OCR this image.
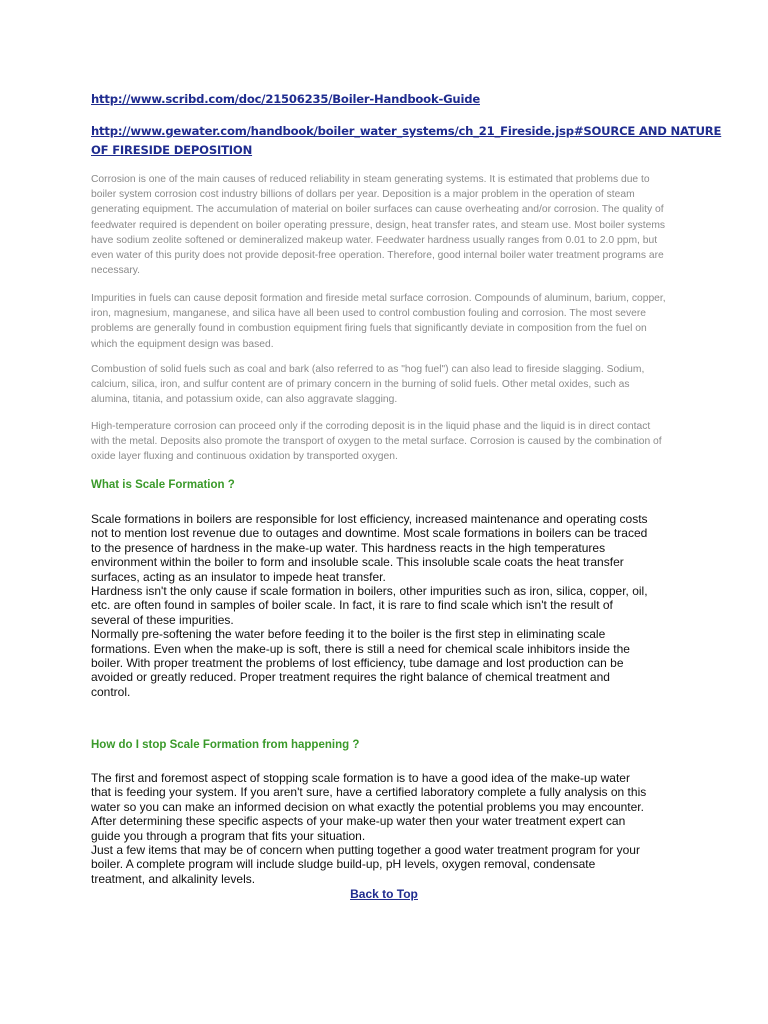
http://www.scribd.com/doc/21506235/Boiler-Handbook-Guide
http://www.gewater.com/handbook/boiler_water_systems/ch_21_Fireside.jsp#SOURCE AND NATURE
OF FIRESIDE DEPOSITION

Corrosion is one of the main causes of reduced reliability in steam generating systems. It is estimated that problems due to boiler system corrosion cost industry billions of dollars per year. Deposition is a major problem in the operation of steam generating equipment. The accumulation of material on boiler surfaces can cause overheating and/or corrosion. The quality of feedwater required is dependent on boiler operating pressure, design, heat transfer rates, and steam use. Most boiler systems have sodium zeolite softened or demineralized makeup water. Feedwater hardness usually ranges from 0.01 to 2.0 ppm, but even water of this purity does not provide deposit-free operation. Therefore, good internal boiler water treatment programs are necessary.

Impurities in fuels can cause deposit formation and fireside metal surface corrosion. Compounds of aluminum, barium, copper, iron, magnesium, manganese, and silica have all been used to control combustion fouling and corrosion. The most severe problems are generally found in combustion equipment firing fuels that significantly deviate in composition from the fuel on which the equipment design was based.

Combustion of solid fuels such as coal and bark (also referred to as "hog fuel") can also lead to fireside slagging. Sodium, calcium, silica, iron, and sulfur content are of primary concern in the burning of solid fuels. Other metal oxides, such as alumina, titania, and potassium oxide, can also aggravate slagging.

High-temperature corrosion can proceed only if the corroding deposit is in the liquid phase and the liquid is in direct contact with the metal. Deposits also promote the transport of oxygen to the metal surface. Corrosion is caused by the combination of oxide layer fluxing and continuous oxidation by transported oxygen.

What is Scale Formation ?
Scale formations in boilers are responsible for lost efficiency, increased maintenance and operating costs
not to mention lost revenue due to outages and downtime. Most scale formations in boilers can be traced
to the presence of hardness in the make-up water. This hardness reacts in the high temperatures
environment within the boiler to form and insoluble scale. This insoluble scale coats the heat transfer
surfaces, acting as an insulator to impede heat transfer.
Hardness isn't the only cause if scale formation in boilers, other impurities such as iron, silica, copper, oil,
etc. are often found in samples of boiler scale. In fact, it is rare to find scale which isn't the result of
several of these impurities.
Normally pre-softening the water before feeding it to the boiler is the first step in eliminating scale
formations. Even when the make-up is soft, there is still a need for chemical scale inhibitors inside the
boiler. With proper treatment the problems of lost efficiency, tube damage and lost production can be
avoided or greatly reduced. Proper treatment requires the right balance of chemical treatment and
control.
How do I stop Scale Formation from happening ?
The first and foremost aspect of stopping scale formation is to have a good idea of the make-up water
that is feeding your system. If you aren't sure, have a certified laboratory complete a fully analysis on this
water so you can make an informed decision on what exactly the potential problems you may encounter.
After determining these specific aspects of your make-up water then your water treatment expert can
guide you through a program that fits your situation.
Just a few items that may be of concern when putting together a good water treatment program for your
boiler. A complete program will include sludge build-up, pH levels, oxygen removal, condensate
treatment, and alkalinity levels.
Back to Top
